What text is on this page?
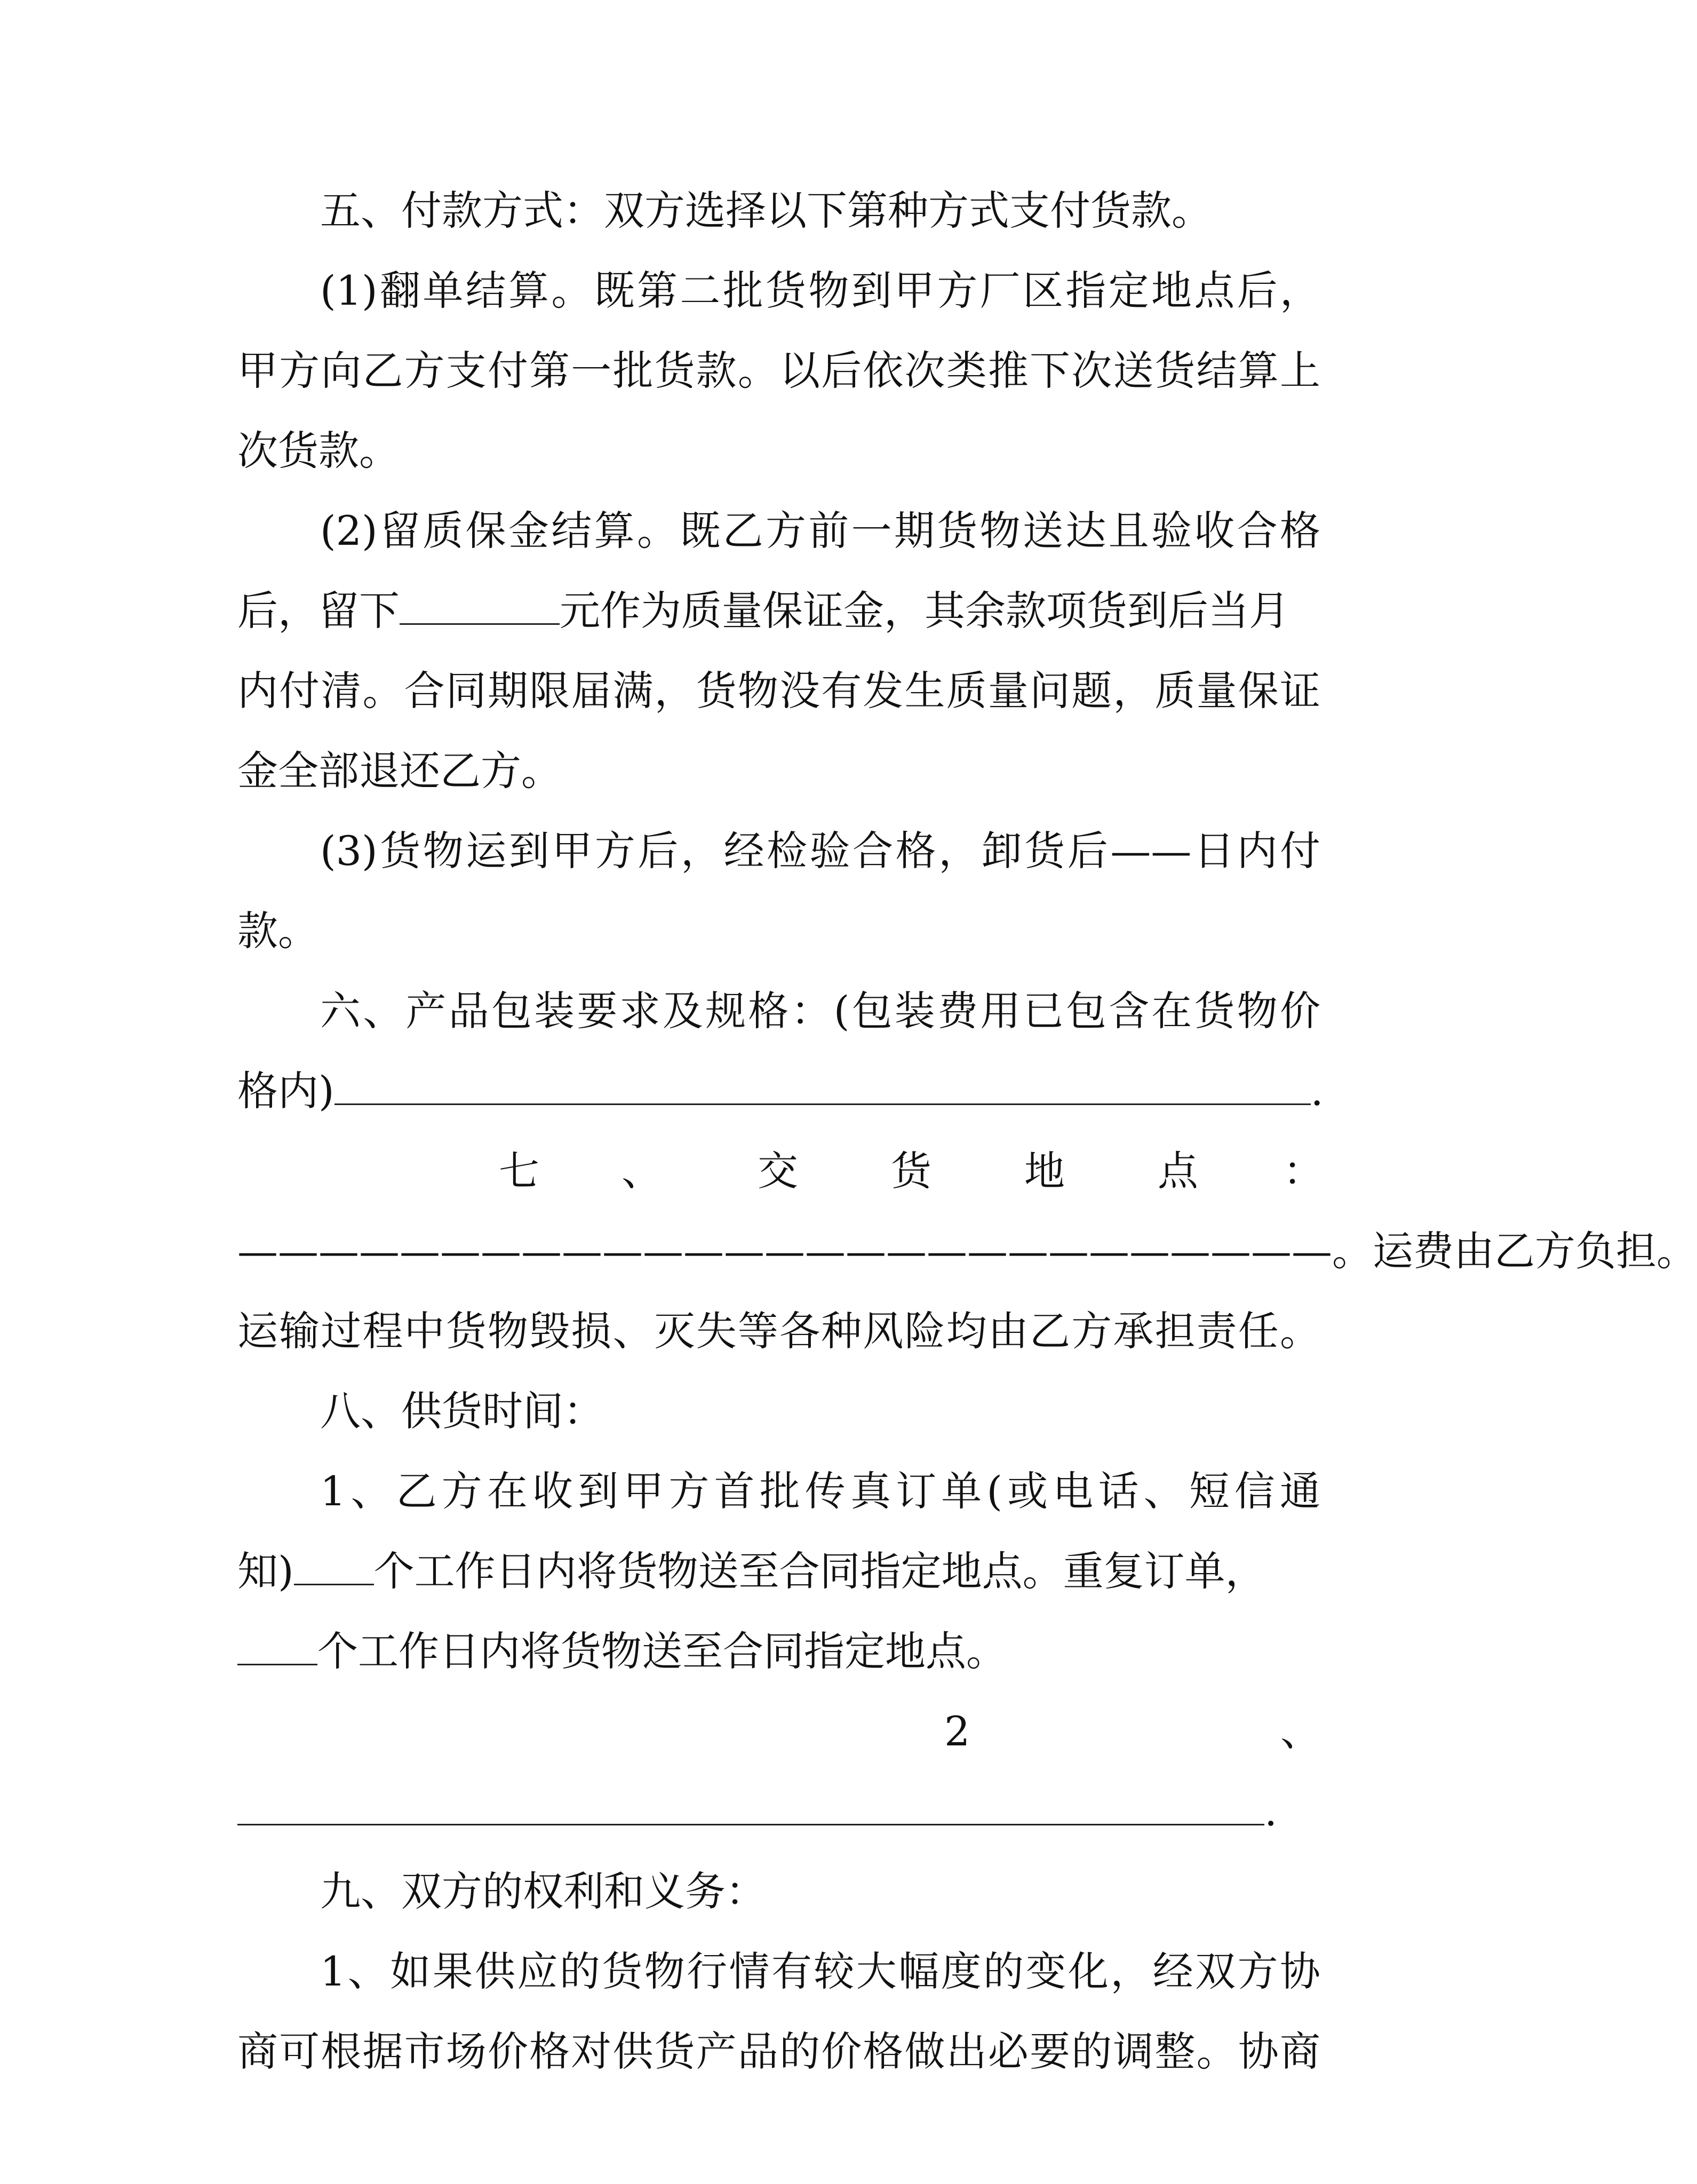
五、付款方式：双方选择以下第种方式支付货款。
(1)翻单结算。既第二批货物到甲方厂区指定地点后，
甲方向乙方支付第一批货款。以后依次类推下次送货结算上
次货款。
(2)留质保金结算。既乙方前一期货物送达且验收合格
后，留下	元作为质量保证金，其余款项货到后当月
内付清。合同期限届满，货物没有发生质量问题，质量保证
金全部退还乙方。
(3)货物运到甲方后，经检验合格，卸货后——日内付
款。
六、产品包装要求及规格：(包装费用已包含在货物价
格内)	.
七 、 交 货 地 点 ：
———————————————————————————。运费由乙方负担。
运输过程中货物毁损、灭失等各种风险均由乙方承担责任。
八、供货时间：
1、乙方在收到甲方首批传真订单(或电话、短信通
知) 个工作日内将货物送至合同指定地点。重复订单，
个工作日内将货物送至合同指定地点。
2	、
.
九、双方的权利和义务：
1、如果供应的货物行情有较大幅度的变化，经双方协
商可根据市场价格对供货产品的价格做出必要的调整。协商
